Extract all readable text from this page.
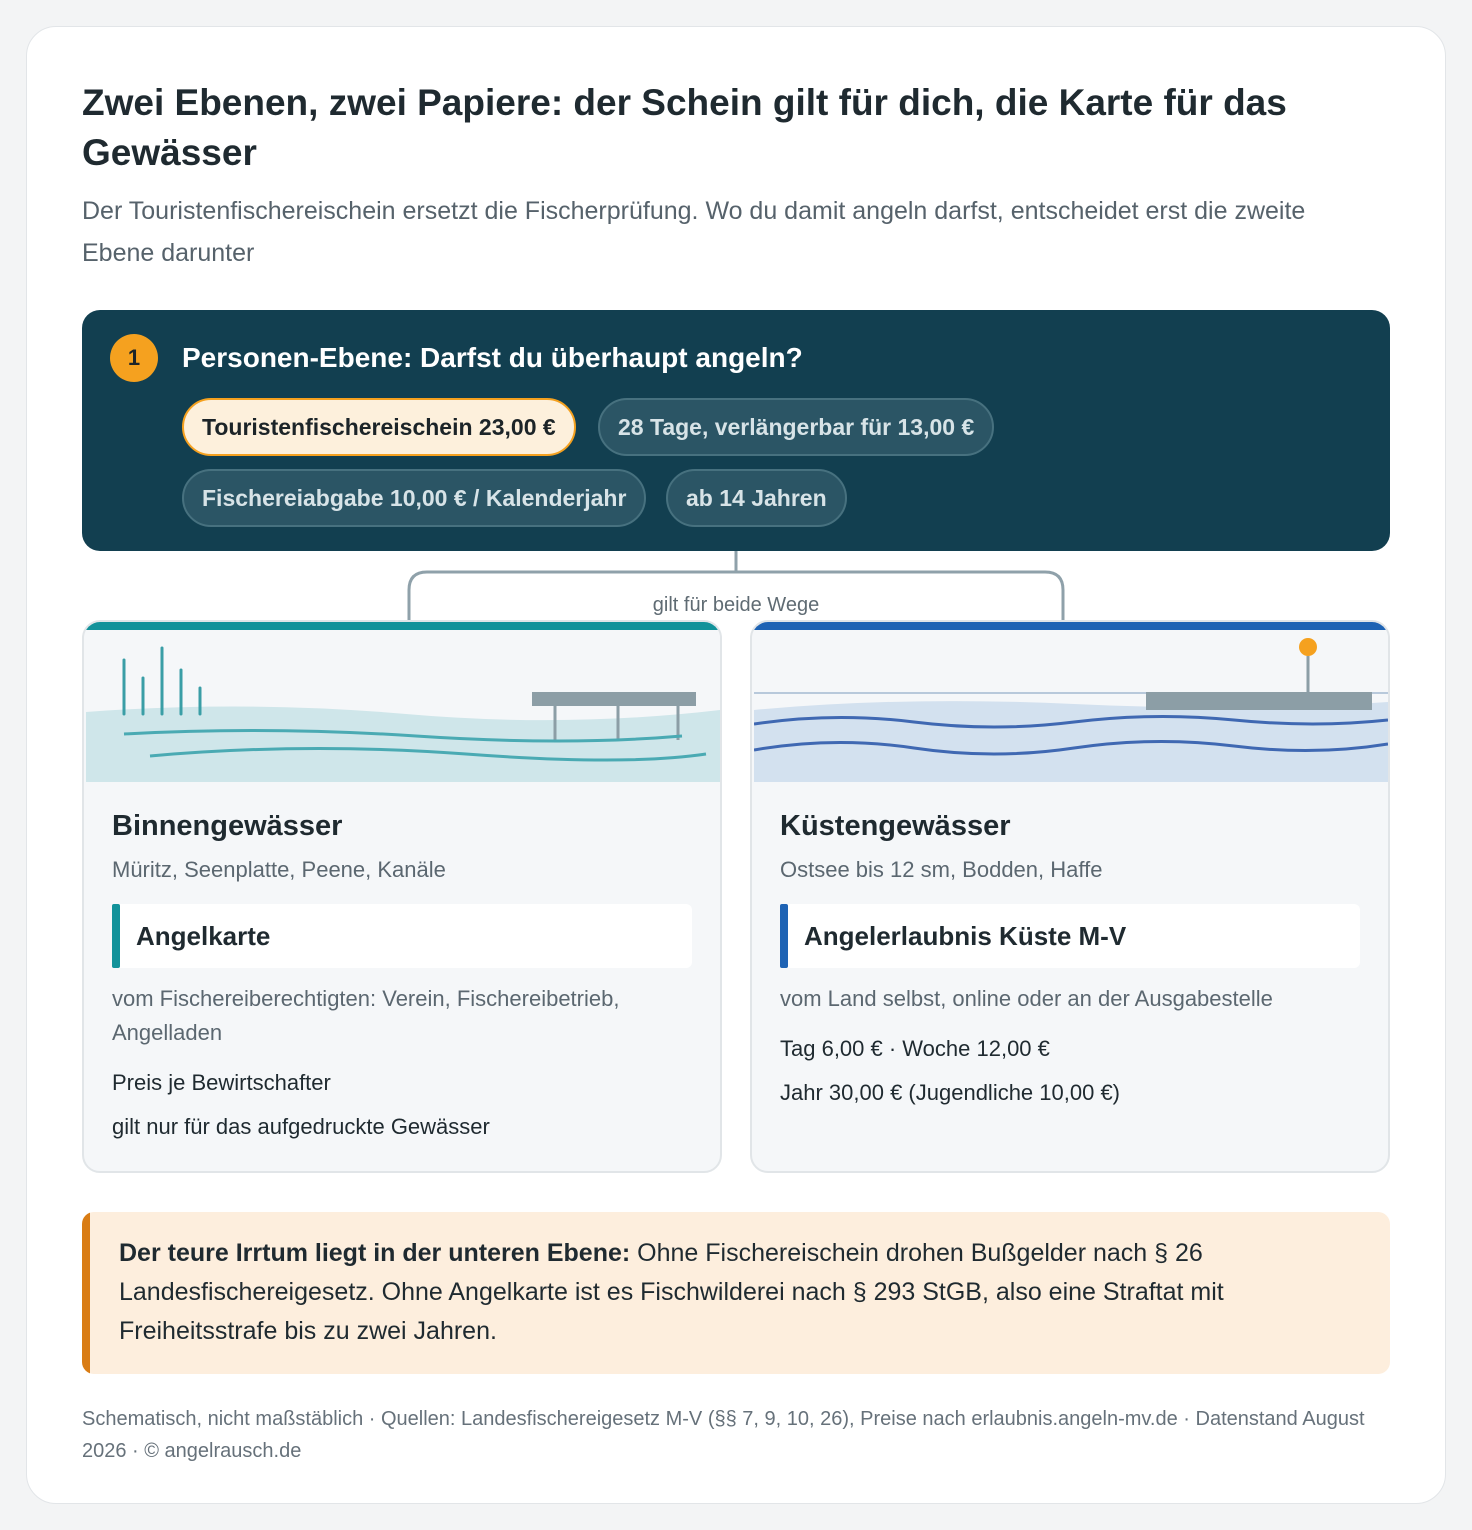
Zwei Ebenen, zwei Papiere: der Schein gilt für dich, die Karte für das Gewässer

Der Touristenfischereischein ersetzt die Fischerprüfung. Wo du damit angeln darfst, entscheidet erst die zweite Ebene darunter

1	Personen-Ebene: Darfst du überhaupt angeln?
Touristenfischereischein 23,00 €	28 Tage, verlängerbar für 13,00 €
Fischereiabgabe 10,00 € / Kalenderjahr	ab 14 Jahren
gilt für beide Wege
Binnengewässer
Müritz, Seenplatte, Peene, Kanäle
Angelkarte
vom Fischereiberechtigten: Verein, Fischereibetrieb, Angelladen
Preis je Bewirtschafter
gilt nur für das aufgedruckte Gewässer
Küstengewässer
Ostsee bis 12 sm, Bodden, Haffe
Angelerlaubnis Küste M-V
vom Land selbst, online oder an der Ausgabestelle
Tag 6,00 € · Woche 12,00 €
Jahr 30,00 € (Jugendliche 10,00 €)
Der teure Irrtum liegt in der unteren Ebene: Ohne Fischereischein drohen Bußgelder nach § 26 Landesfischereigesetz. Ohne Angelkarte ist es Fischwilderei nach § 293 StGB, also eine Straftat mit Freiheitsstrafe bis zu zwei Jahren.
Schematisch, nicht maßstäblich · Quellen: Landesfischereigesetz M-V (§§ 7, 9, 10, 26), Preise nach erlaubnis.angeln-mv.de · Datenstand August 2026 · © angelrausch.de
